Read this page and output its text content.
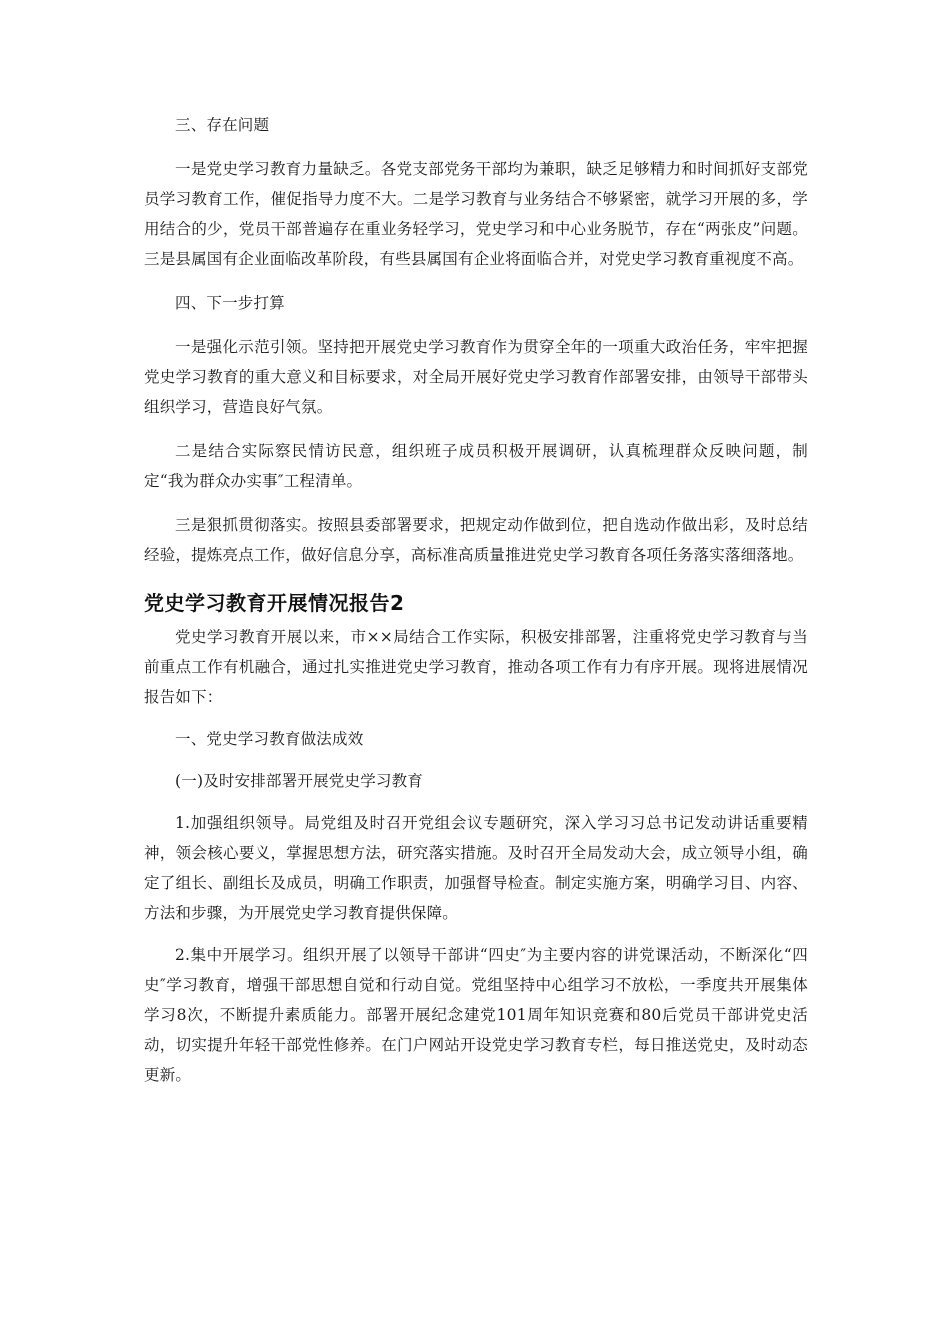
三、存在问题

一是党史学习教育力量缺乏。各党支部党务干部均为兼职，缺乏足够精力和时间抓好支部党员学习教育工作，催促指导力度不大。二是学习教育与业务结合不够紧密，就学习开展的多，学用结合的少，党员干部普遍存在重业务轻学习，党史学习和中心业务脱节，存在“两张皮”问题。三是县属国有企业面临改革阶段，有些县属国有企业将面临合并，对党史学习教育重视度不高。

四、下一步打算

一是强化示范引领。坚持把开展党史学习教育作为贯穿全年的一项重大政治任务，牢牢把握党史学习教育的重大意义和目标要求，对全局开展好党史学习教育作部署安排，由领导干部带头组织学习，营造良好气氛。

二是结合实际察民情访民意，组织班子成员积极开展调研，认真梳理群众反映问题，制定“我为群众办实事″工程清单。

三是狠抓贯彻落实。按照县委部署要求，把规定动作做到位，把自选动作做出彩，及时总结经验，提炼亮点工作，做好信息分享，高标准高质量推进党史学习教育各项任务落实落细落地。

党史学习教育开展情况报告2

党史学习教育开展以来，市××局结合工作实际，积极安排部署，注重将党史学习教育与当前重点工作有机融合，通过扎实推进党史学习教育，推动各项工作有力有序开展。现将进展情况报告如下：

一、党史学习教育做法成效

(一)及时安排部署开展党史学习教育

1.加强组织领导。局党组及时召开党组会议专题研究，深入学习习总书记发动讲话重要精神，领会核心要义，掌握思想方法，研究落实措施。及时召开全局发动大会，成立领导小组，确定了组长、副组长及成员，明确工作职责，加强督导检查。制定实施方案，明确学习目、内容、方法和步骤，为开展党史学习教育提供保障。

2.集中开展学习。组织开展了以领导干部讲“四史″为主要内容的讲党课活动，不断深化“四史″学习教育，增强干部思想自觉和行动自觉。党组坚持中心组学习不放松，一季度共开展集体学习8次，不断提升素质能力。部署开展纪念建党101周年知识竞赛和80后党员干部讲党史活动，切实提升年轻干部党性修养。在门户网站开设党史学习教育专栏，每日推送党史，及时动态更新。
